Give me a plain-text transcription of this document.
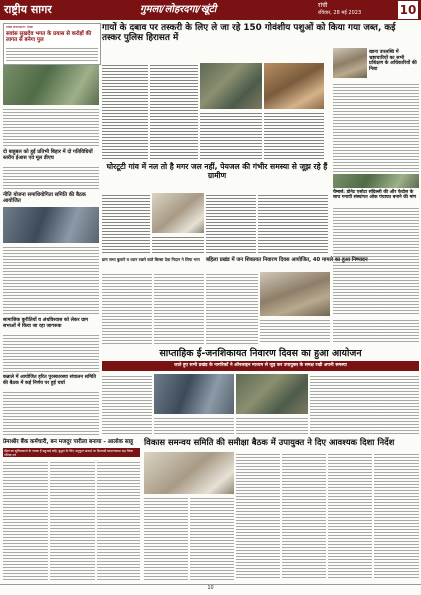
राष्ट्रीय सागर	गुमला/लोहरदगा/खूंटी	रांची
रविवार, 28 मई 2023	10
प्रखंड संवाददाता: चंदवा
सवांस सुखदेव भगत के प्रयास से करोड़ों की लागत से बनेगा पुल
गायों के दबाव पर तस्करी के लिए ले जा रहे 150 गोवंशीय पशुओं को किया गया जब्त, कई तस्कर पुलिस हिरासत में
खाना उपलब्धि में भ्रष्टाचारियों का सभी प्रशिक्षण के अधिकारियों की निशा
दो बाहुबल को हुई प्रतिभी बिहार में दो गतिविधियों स्तरीय ईआस एवं मूल डीएच
नीति योजना समाधियोगिता समिति की बैठक आयोजित
घोरटूटी गांव में नल तो है मगर जल नहीं, पेयजल की गंभीर समस्या से जूझ रहे हैं ग्रामीण
चैम्बर्स: डोनेट एसोटा संदिल्ली की और फेदोस के साथ गनायी संस्थांगत ओक पंचायत बनाने की मांग
ग्राम सभा बुलाने व ध्यान रखने वाले बिरसा देवा निदान ने लिया भाग	बहिला प्रखंड में जन शिकायत निवारण दिवस आयोजित, 40 मामले का हुआ निष्पादन
सामाजिक कुरीतियों व अंधविश्वास को लेकर ग्राम सभाओं में किया जा रहा जागरूक
कन्नाले में आयोजित हरित पुरस्कारस्था संचालन समिति की बैठक में कई निर्णय पर हुई चर्चा
साप्ताहिक ई-जनशिकायत निवारण दिवस का हुआ आयोजन
जाते हुए सभी प्रखंड के नागरिकों ने ऑनलाइन माध्यम से जुड़ कर उपायुक्त के समक्ष रखी अपनी समस्या
प्रेमाश्रीर बैंक कर्मचारी, बन मजदूर पारीला बनाया - आलोक साहू
दीक्षा का सुविधाकर्ता के नायक हैं बहुआई सोई, बुद्धत के लिए अनुकूल ऊंचाई पर दिनवादी सामान्यसभा सह जिला परिषद एवं
विकास समन्वय समिति की समीक्षा बैठक में उपायुक्त ने दिए आवश्यक दिशा निर्देश
10
